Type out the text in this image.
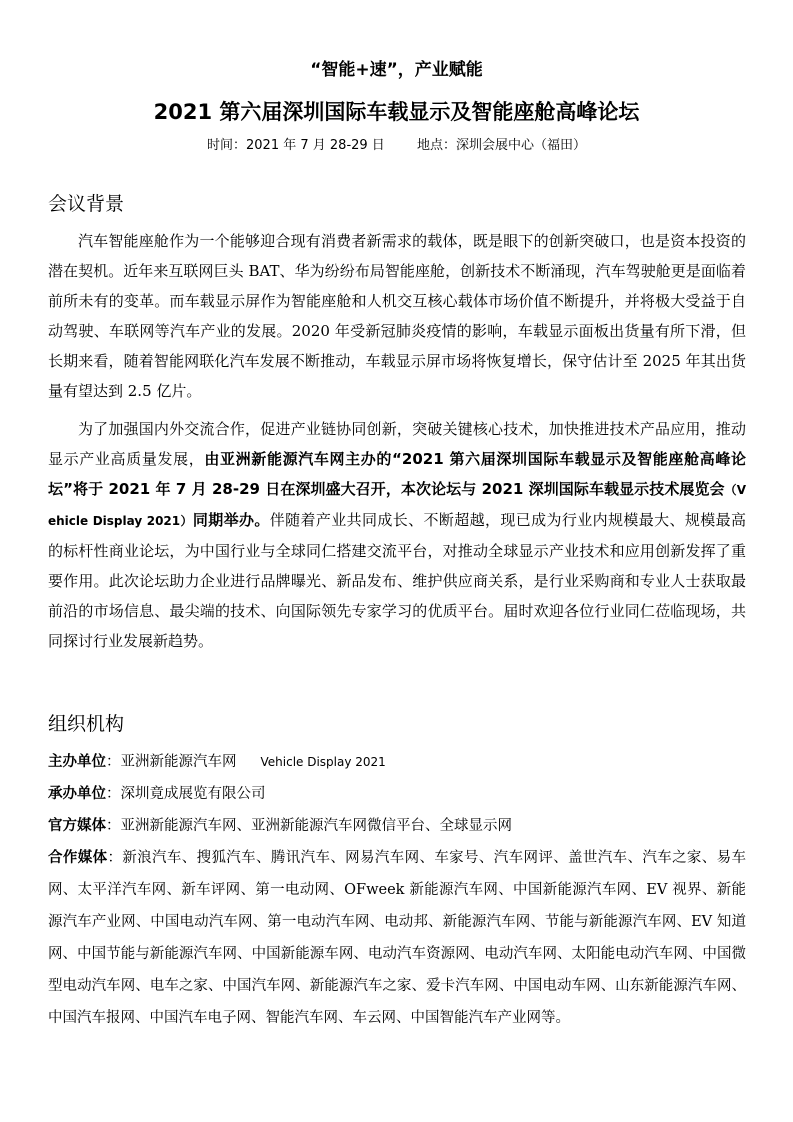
“智能+速”，产业赋能
2021 第六届深圳国际车载显示及智能座舱高峰论坛
时间：2021 年 7 月 28-29 日 地点：深圳会展中心（福田）
会议背景

汽车智能座舱作为一个能够迎合现有消费者新需求的载体，既是眼下的创新突破口，也是资本投资的潜在契机。近年来互联网巨头 BAT、华为纷纷布局智能座舱，创新技术不断涌现，汽车驾驶舱更是面临着前所未有的变革。而车载显示屏作为智能座舱和人机交互核心载体市场价值不断提升，并将极大受益于自动驾驶、车联网等汽车产业的发展。2020 年受新冠肺炎疫情的影响，车载显示面板出货量有所下滑，但长期来看，随着智能网联化汽车发展不断推动，车载显示屏市场将恢复增长，保守估计至 2025 年其出货量有望达到 2.5 亿片。

为了加强国内外交流合作，促进产业链协同创新，突破关键核心技术，加快推进技术产品应用，推动显示产业高质量发展，由亚洲新能源汽车网主办的“2021 第六届深圳国际车载显示及智能座舱高峰论坛”将于 2021 年 7 月 28-29 日在深圳盛大召开，本次论坛与 2021 深圳国际车载显示技术展览会（Vehicle Display 2021）同期举办。伴随着产业共同成长、不断超越，现已成为行业内规模最大、规模最高的标杆性商业论坛，为中国行业与全球同仁搭建交流平台，对推动全球显示产业技术和应用创新发挥了重要作用。此次论坛助力企业进行品牌曝光、新品发布、维护供应商关系，是行业采购商和专业人士获取最前沿的市场信息、最尖端的技术、向国际领先专家学习的优质平台。届时欢迎各位行业同仁莅临现场，共同探讨行业发展新趋势。

组织机构

主办单位：亚洲新能源汽车网 Vehicle Display 2021

承办单位：深圳竟成展览有限公司

官方媒体：亚洲新能源汽车网、亚洲新能源汽车网微信平台、全球显示网

合作媒体：新浪汽车、搜狐汽车、腾讯汽车、网易汽车网、车家号、汽车网评、盖世汽车、汽车之家、易车网、太平洋汽车网、新车评网、第一电动网、OFweek 新能源汽车网、中国新能源汽车网、EV 视界、新能源汽车产业网、中国电动汽车网、第一电动汽车网、电动邦、新能源汽车网、节能与新能源汽车网、EV 知道网、中国节能与新能源汽车网、中国新能源车网、电动汽车资源网、电动汽车网、太阳能电动汽车网、中国微型电动汽车网、电车之家、中国汽车网、新能源汽车之家、爱卡汽车网、中国电动车网、山东新能源汽车网、中国汽车报网、中国汽车电子网、智能汽车网、车云网、中国智能汽车产业网等。
